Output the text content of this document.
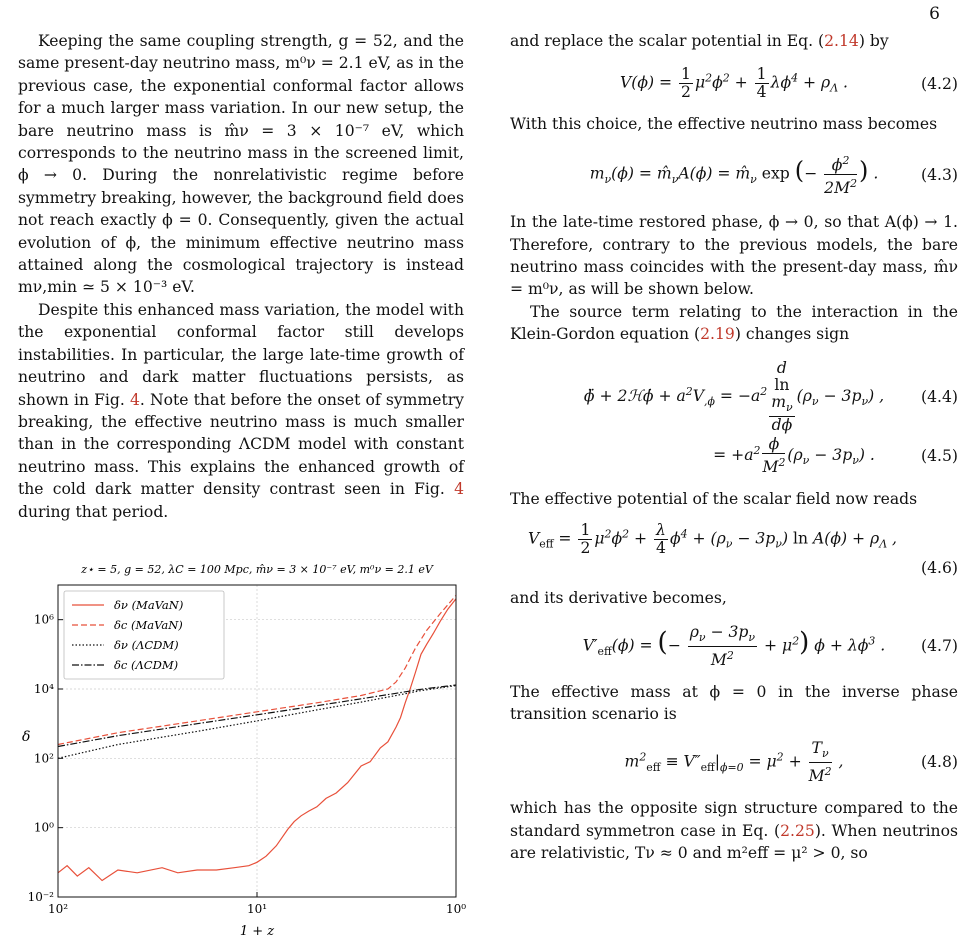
6

Keeping the same coupling strength, g = 52, and the same present-day neutrino mass, m⁰ν = 2.1 eV, as in the previous case, the exponential conformal factor allows for a much larger mass variation. In our new setup, the bare neutrino mass is m̂ν = 3 × 10⁻⁷ eV, which corresponds to the neutrino mass in the screened limit, ϕ → 0. During the nonrelativistic regime before symmetry breaking, however, the background field does not reach exactly ϕ = 0. Consequently, given the actual evolution of ϕ, the minimum effective neutrino mass attained along the cosmological trajectory is instead mν,min ≃ 5 × 10⁻³ eV.

Despite this enhanced mass variation, the model with the exponential conformal factor still develops instabilities. In particular, the large late-time growth of neutrino and dark matter fluctuations persists, as shown in Fig. 4. Note that before the onset of symmetry breaking, the effective neutrino mass is much smaller than in the corresponding ΛCDM model with constant neutrino mass. This explains the enhanced growth of the cold dark matter density contrast seen in Fig. 4 during that period.

z⋆ = 5, g = 52, λC = 100 Mpc, m̂ν = 3 × 10⁻⁷ eV, m⁰ν = 2.1 eV
10²	10¹	10⁰
10⁻²
10⁰
10²
10⁴
10⁶
1 + z
δ
δν (MaVaN)
δc (MaVaN)
δν (ΛCDM)
δc (ΛCDM)

and replace the scalar potential in Eq. (2.14) by

$V(\phi) = \frac{1}{2} \mu^2\phi^2 + \frac{1}{4} \lambda\phi^4 + \rho_\Lambda$ .	(4.2)

With this choice, the effective neutrino mass becomes

$m_\nu(\phi)$ = $m̂_\nu A(\phi)$ = $m̂_\nu$ exp (− $\frac{\phi^2}{2M^2}$ ) .	(4.3)

In the late-time restored phase, ϕ → 0, so that A(ϕ) → 1. Therefore, contrary to the previous models, the bare neutrino mass coincides with the present-day mass, m̂ν = m⁰ν, as will be shown below.

The source term relating to the interaction in the Klein-Gordon equation (2.19) changes sign

ϕ̈ + 2ℋϕ̇ + $a^2V_{,\phi} = -a^2$ d
ln
$m_\nu$
dϕ $(\rho_\nu - 3p_\nu)$ , (4.4)
= $+a^2 \frac{\phi}{M^2} (\rho_\nu - 3p_\nu)$ .	(4.5)

The effective potential of the scalar field now reads

$V_{eff} = \frac{1}{2} \mu^2\phi^2 + \frac{\lambda}{4} \phi^4 + (\rho_\nu - 3p_\nu)$ $\ln A(\phi) + \rho_\Lambda$ ,
(4.6)

and its derivative becomes,

$V'_{eff}(\phi)$ = (− $\frac{\rho_\nu - 3p_\nu}{M^2} + \mu^2$) $\phi + \lambda\phi^3$ . (4.7)

The effective mass at ϕ = 0 in the inverse phase transition scenario is

$m^2_{eff} \equiv V''_{eff}|_{\phi=0} = \mu^2 + \frac{T_\nu}{M^2}$ ,	(4.8)

which has the opposite sign structure compared to the standard symmetron case in Eq. (2.25). When neutrinos are relativistic, Tν ≈ 0 and m²eff = μ² > 0, so
